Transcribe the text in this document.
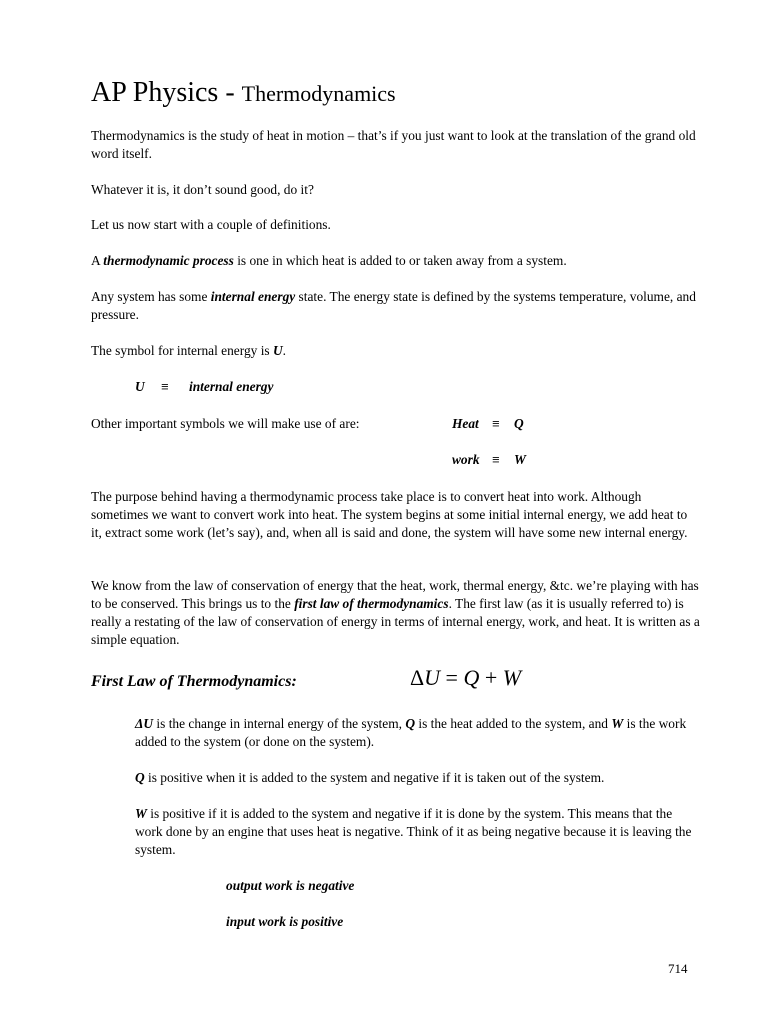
AP Physics - Thermodynamics
Thermodynamics is the study of heat in motion – that’s if you just want to look at the translation of the grand old word itself.
Whatever it is, it don’t sound good, do it?
Let us now start with a couple of definitions.
A thermodynamic process is one in which heat is added to or taken away from a system.
Any system has some internal energy state. The energy state is defined by the systems temperature, volume, and pressure.
The symbol for internal energy is U.
U ≡ internal energy
Other important symbols we will make use of are:	Heat ≡ Q
work ≡ W
The purpose behind having a thermodynamic process take place is to convert heat into work. Although sometimes we want to convert work into heat. The system begins at some initial internal energy, we add heat to it, extract some work (let’s say), and, when all is said and done, the system will have some new internal energy.
We know from the law of conservation of energy that the heat, work, thermal energy, &tc. we’re playing with has to be conserved. This brings us to the first law of thermodynamics. The first law (as it is usually referred to) is really a restating of the law of conservation of energy in terms of internal energy, work, and heat. It is written as a simple equation.
First Law of Thermodynamics:	ΔU = Q + W
ΔU is the change in internal energy of the system, Q is the heat added to the system, and W is the work added to the system (or done on the system).
Q is positive when it is added to the system and negative if it is taken out of the system.
W is positive if it is added to the system and negative if it is done by the system. This means that the work done by an engine that uses heat is negative. Think of it as being negative because it is leaving the system.
output work is negative
input work is positive
714
